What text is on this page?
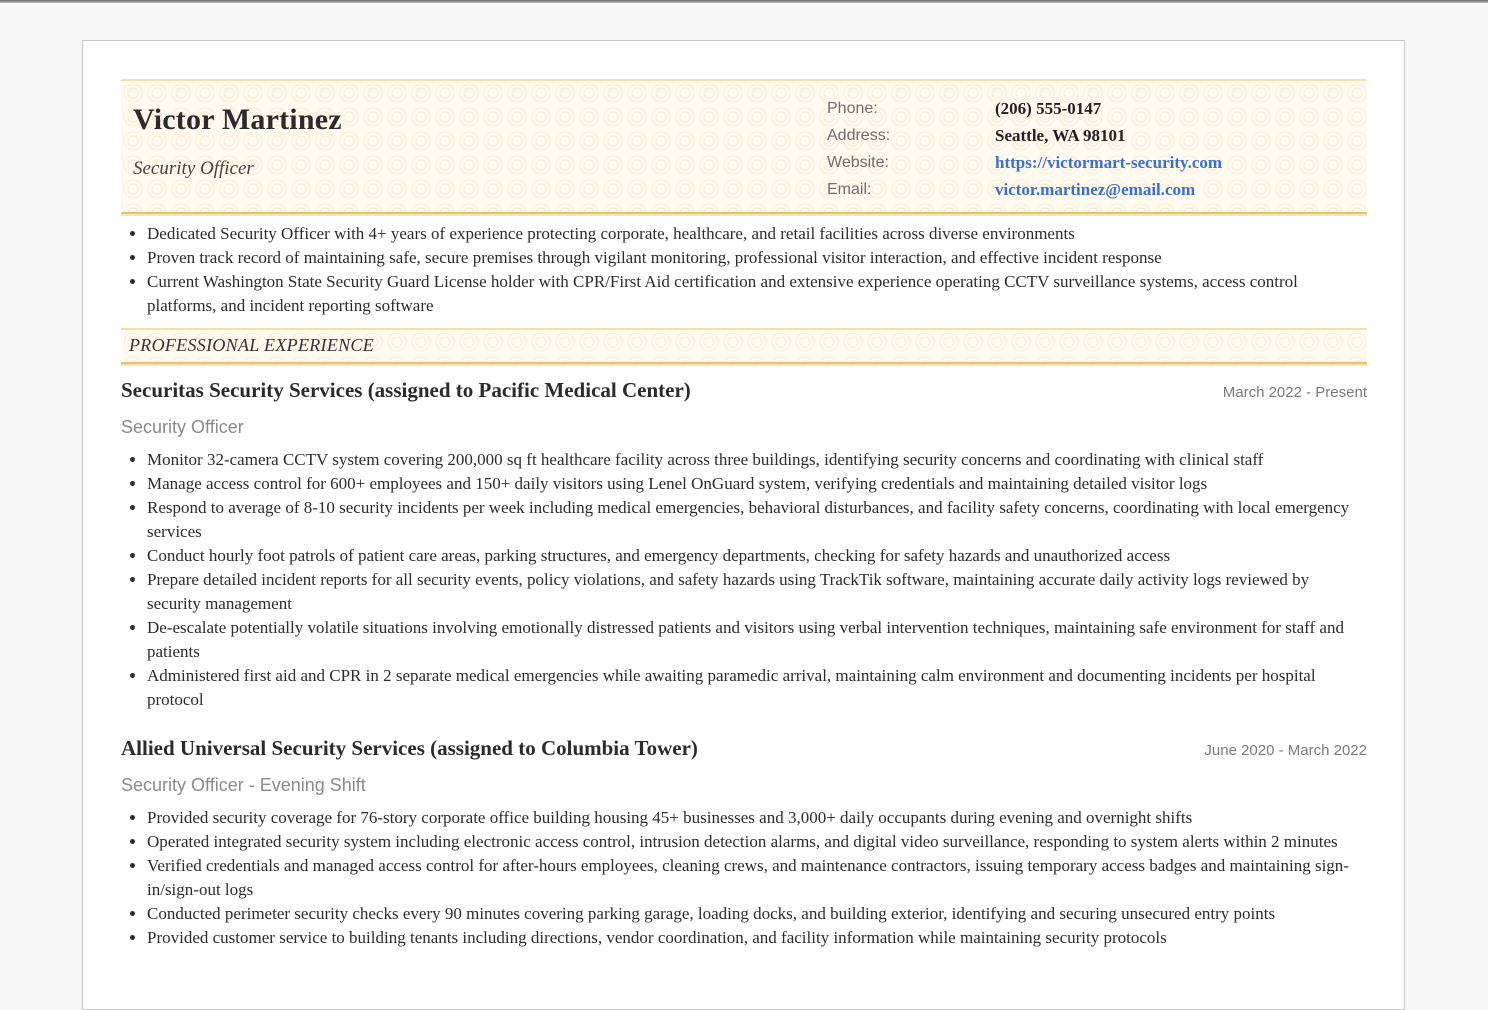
Victor Martinez
Security Officer
Phone:	(206) 555-0147
Address:	Seattle, WA 98101
Website:	https://victormart-security.com
Email:	victor.martinez@email.com
• Dedicated Security Officer with 4+ years of experience protecting corporate, healthcare, and retail facilities across diverse environments
• Proven track record of maintaining safe, secure premises through vigilant monitoring, professional visitor interaction, and effective incident response
• Current Washington State Security Guard License holder with CPR/First Aid certification and extensive experience operating CCTV surveillance systems, access control platforms, and incident reporting software
PROFESSIONAL EXPERIENCE
Securitas Security Services (assigned to Pacific Medical Center)	March 2022 - Present
Security Officer
• Monitor 32-camera CCTV system covering 200,000 sq ft healthcare facility across three buildings, identifying security concerns and coordinating with clinical staff
• Manage access control for 600+ employees and 150+ daily visitors using Lenel OnGuard system, verifying credentials and maintaining detailed visitor logs
• Respond to average of 8-10 security incidents per week including medical emergencies, behavioral disturbances, and facility safety concerns, coordinating with local emergency services
• Conduct hourly foot patrols of patient care areas, parking structures, and emergency departments, checking for safety hazards and unauthorized access
• Prepare detailed incident reports for all security events, policy violations, and safety hazards using TrackTik software, maintaining accurate daily activity logs reviewed by security management
• De-escalate potentially volatile situations involving emotionally distressed patients and visitors using verbal intervention techniques, maintaining safe environment for staff and patients
• Administered first aid and CPR in 2 separate medical emergencies while awaiting paramedic arrival, maintaining calm environment and documenting incidents per hospital protocol
Allied Universal Security Services (assigned to Columbia Tower)	June 2020 - March 2022
Security Officer - Evening Shift
• Provided security coverage for 76-story corporate office building housing 45+ businesses and 3,000+ daily occupants during evening and overnight shifts
• Operated integrated security system including electronic access control, intrusion detection alarms, and digital video surveillance, responding to system alerts within 2 minutes
• Verified credentials and managed access control for after-hours employees, cleaning crews, and maintenance contractors, issuing temporary access badges and maintaining sign-in/sign-out logs
• Conducted perimeter security checks every 90 minutes covering parking garage, loading docks, and building exterior, identifying and securing unsecured entry points
• Provided customer service to building tenants including directions, vendor coordination, and facility information while maintaining security protocols
